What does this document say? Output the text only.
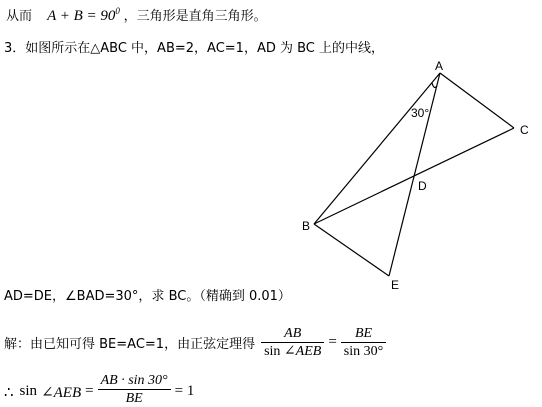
从而 $A + B = 90^0$ ，三角形是直角三角形。
3．如图所示在△ABC 中，AB=2，AC=1，AD 为 BC 上的中线，
A
B
C
D
E
30°
AD=DE，∠BAD=30°，求 BC。（精确到 0.01）
解：由已知可得 BE=AC=1，由正弦定理得 $\frac{AB}{\text{sin ∠AEB}} = \frac{BE}{\sin 30^\circ}$
∴ sin ∠AEB = $\frac{AB \cdot \sin 30^\circ}{BE} = 1$
